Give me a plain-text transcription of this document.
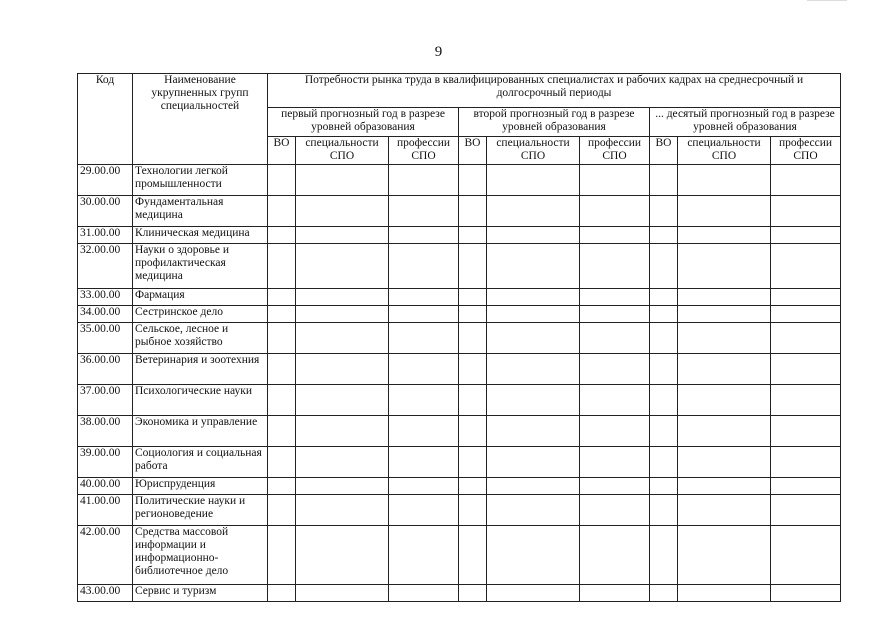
9
Код	Наименование укрупненных групп специальностей	Потребности рынка труда в квалифицированных специалистах и рабочих кадрах на среднесрочный и долгосрочный периоды								
		первый прогнозный год в разрезе уровней образования			второй прогнозный год в разрезе уровней образования			... десятый прогнозный год в разрезе уровней образования		
		ВО	специальности СПО	профессии СПО	ВО	специальности СПО	профессии СПО	ВО	специальности СПО	профессии СПО
29.00.00	Технологии легкой промышленности									
30.00.00	Фундаментальная медицина									
31.00.00	Клиническая медицина									
32.00.00	Науки о здоровье и профилактическая медицина									
33.00.00	Фармация									
34.00.00	Сестринское дело									
35.00.00	Сельское, лесное и рыбное хозяйство									
36.00.00	Ветеринария и зоотехния									
37.00.00	Психологические науки									
38.00.00	Экономика и управление									
39.00.00	Социология и социальная работа									
40.00.00	Юриспруденция									
41.00.00	Политические науки и регионоведение									
42.00.00	Средства массовой информации и информационно-библиотечное дело									
43.00.00	Сервис и туризм									
